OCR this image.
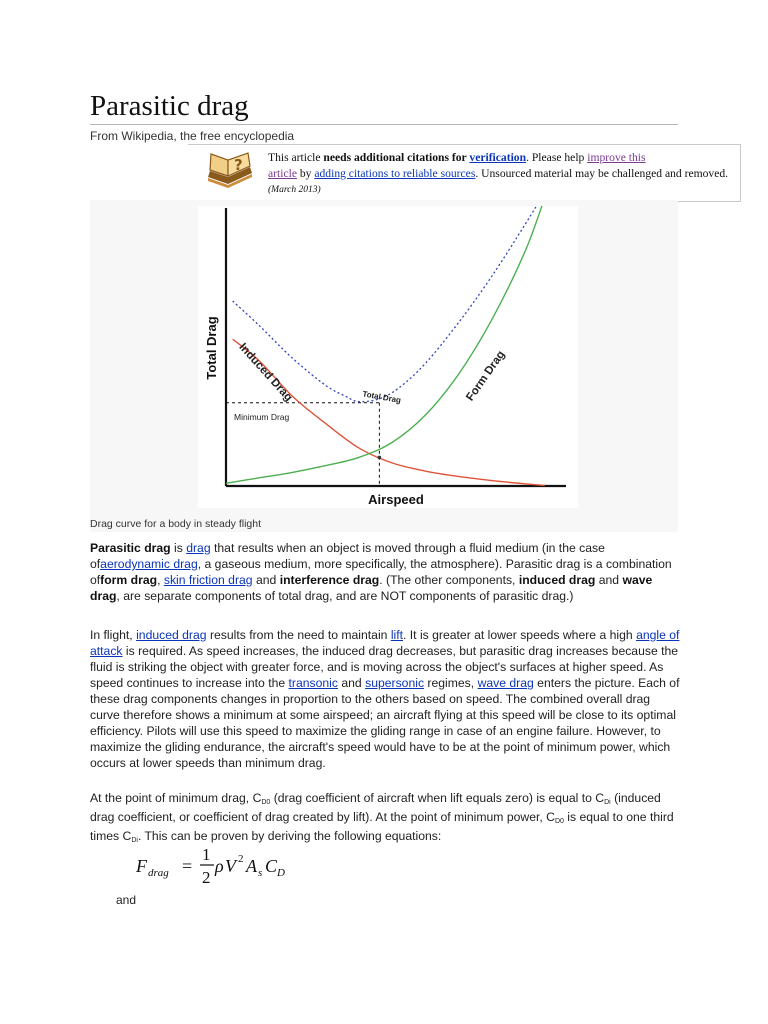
Parasitic drag
From Wikipedia, the free encyclopedia
? This article needs additional citations for verification. Please help improve this
article by adding citations to reliable sources. Unsourced material may be challenged and removed. (March 2013)
Airspeed
Total Drag Induced Drag	Form Drag
Total Drag
Minimum Drag
Drag curve for a body in steady flight

Parasitic drag is drag that results when an object is moved through a fluid medium (in the case ofaerodynamic drag, a gaseous medium, more specifically, the atmosphere). Parasitic drag is a combination ofform drag, skin friction drag and interference drag. (The other components, induced drag and wave drag, are separate components of total drag, and are NOT components of parasitic drag.)

In flight, induced drag results from the need to maintain lift. It is greater at lower speeds where a high angle of attack is required. As speed increases, the induced drag decreases, but parasitic drag increases because the fluid is striking the object with greater force, and is moving across the object's surfaces at higher speed. As speed continues to increase into the transonic and supersonic regimes, wave drag enters the picture. Each of these drag components changes in proportion to the others based on speed. The combined overall drag curve therefore shows a minimum at some airspeed; an aircraft flying at this speed will be close to its optimal efficiency. Pilots will use this speed to maximize the gliding range in case of an engine failure. However, to maximize the gliding endurance, the aircraft's speed would have to be at the point of minimum power, which occurs at lower speeds than minimum drag.

At the point of minimum drag, CD0 (drag coefficient of aircraft when lift equals zero) is equal to CDi (induced drag coefficient, or coefficient of drag created by lift). At the point of minimum power, CD0 is equal to one third times CDi. This can be proven by deriving the following equations:

F drag =
1
2
ρ V 2 A s C D
and
